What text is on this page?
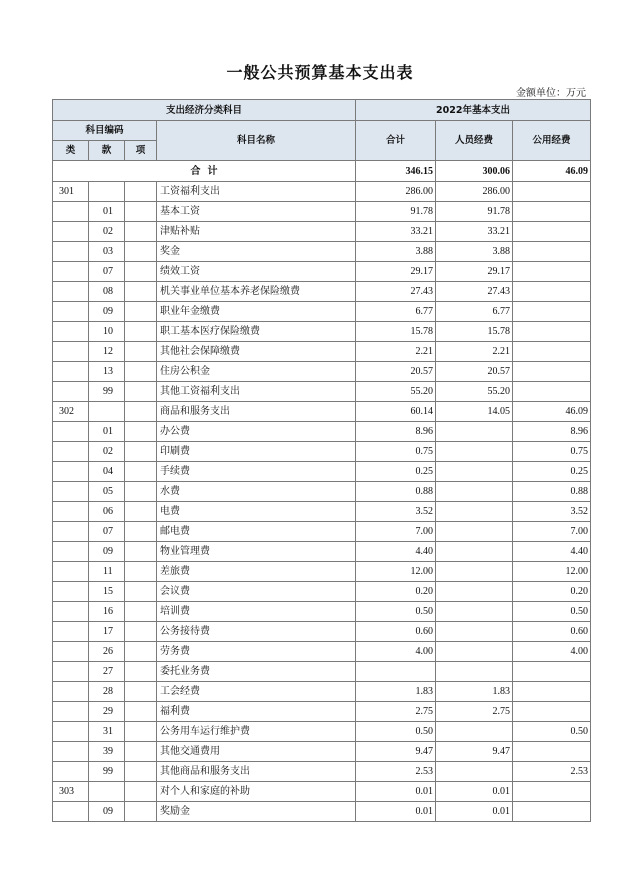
一般公共预算基本支出表
金额单位：万元
支出经济分类科目				2022年基本支出		
科目编码			科目名称	合计	人员经费	公用经费
类	款	项				
合  计				346.15	300.06	46.09
301			工资福利支出	286.00	286.00	
	01		基本工资	91.78	91.78	
	02		津贴补贴	33.21	33.21	
	03		奖金	3.88	3.88	
	07		绩效工资	29.17	29.17	
	08		机关事业单位基本养老保险缴费	27.43	27.43	
	09		职业年金缴费	6.77	6.77	
	10		职工基本医疗保险缴费	15.78	15.78	
	12		其他社会保障缴费	2.21	2.21	
	13		住房公积金	20.57	20.57	
	99		其他工资福利支出	55.20	55.20	
302			商品和服务支出	60.14	14.05	46.09
	01		办公费	8.96		8.96
	02		印刷费	0.75		0.75
	04		手续费	0.25		0.25
	05		水费	0.88		0.88
	06		电费	3.52		3.52
	07		邮电费	7.00		7.00
	09		物业管理费	4.40		4.40
	11		差旅费	12.00		12.00
	15		会议费	0.20		0.20
	16		培训费	0.50		0.50
	17		公务接待费	0.60		0.60
	26		劳务费	4.00		4.00
	27		委托业务费			
	28		工会经费	1.83	1.83	
	29		福利费	2.75	2.75	
	31		公务用车运行维护费	0.50		0.50
	39		其他交通费用	9.47	9.47	
	99		其他商品和服务支出	2.53		2.53
303			对个人和家庭的补助	0.01	0.01	
	09		奖励金	0.01	0.01	
